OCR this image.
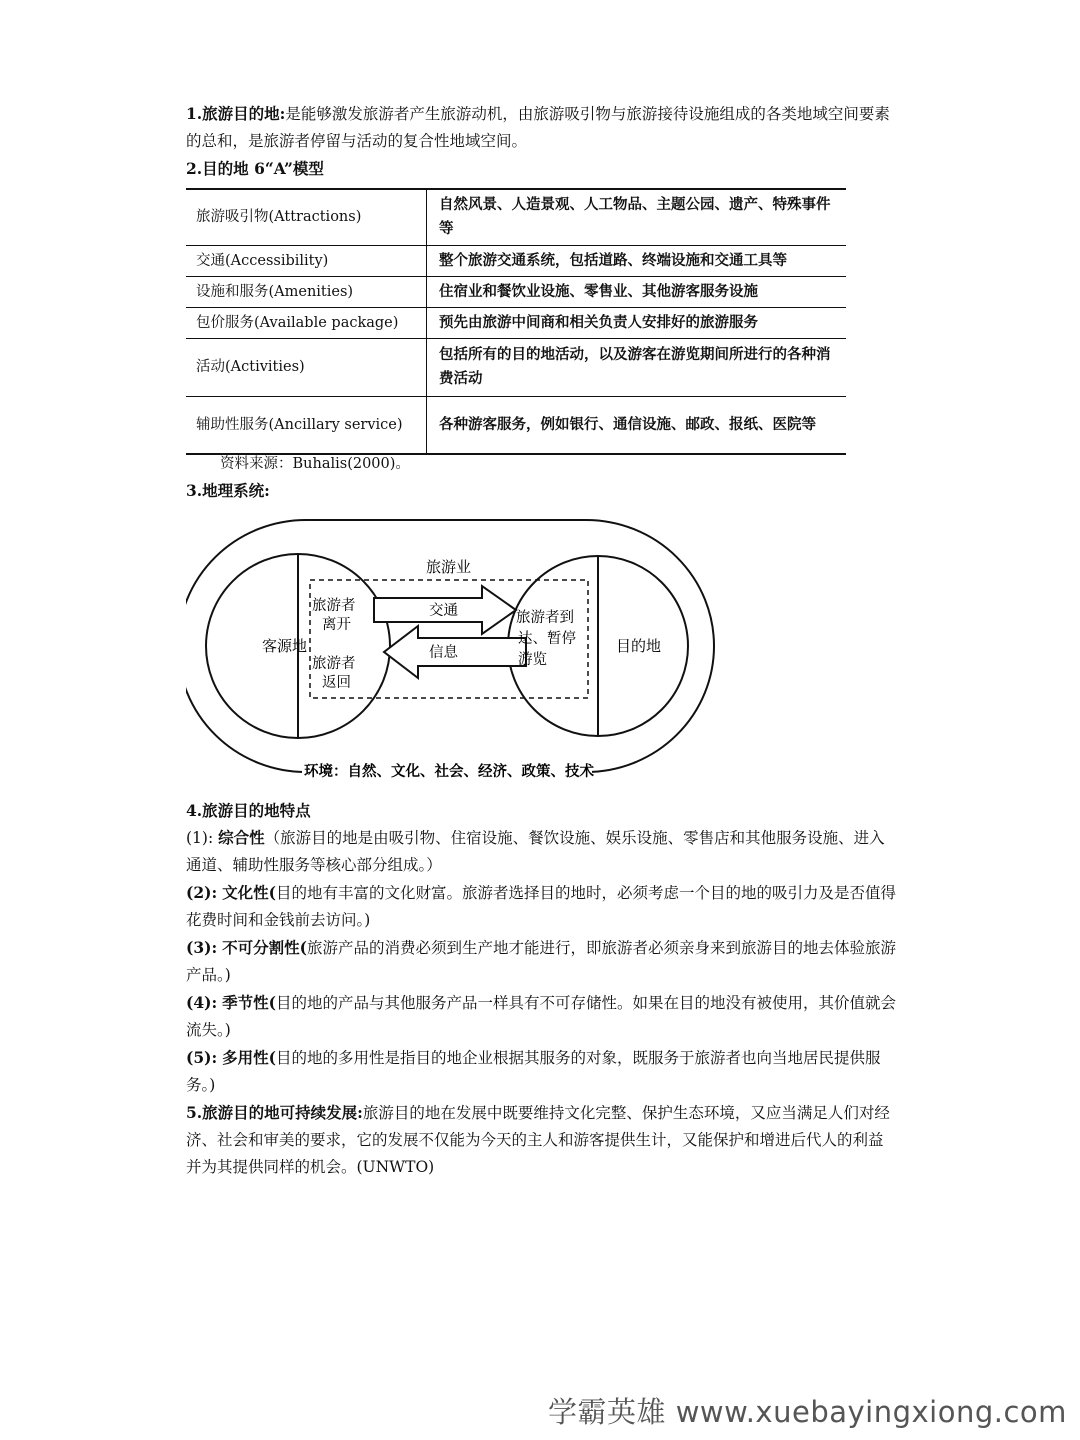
1.旅游目的地:是能够激发旅游者产生旅游动机，由旅游吸引物与旅游接待设施组成的各类地域空间要素的总和，是旅游者停留与活动的复合性地域空间。

2.目的地 6“A”模型

旅游吸引物(Attractions)	自然风景、人造景观、人工物品、主题公园、遗产、特殊事件等
交通(Accessibility)	整个旅游交通系统，包括道路、终端设施和交通工具等
设施和服务(Amenities)	住宿业和餐饮业设施、零售业、其他游客服务设施
包价服务(Available package)	预先由旅游中间商和相关负责人安排好的旅游服务
活动(Activities)	包括所有的目的地活动，以及游客在游览期间所进行的各种消费活动
辅助性服务(Ancillary service)	各种游客服务，例如银行、通信设施、邮政、报纸、医院等
资料来源：Buhalis(2000)。

3.地理系统:

客源地	目的地
旅游业
旅游者
离开
旅游者
返回
旅游者到
达、暂停
游览
交通
信息
环境：自然、文化、社会、经济、政策、技术

4.旅游目的地特点

(1): 综合性（旅游目的地是由吸引物、住宿设施、餐饮设施、娱乐设施、零售店和其他服务设施、进入通道、辅助性服务等核心部分组成。）

(2): 文化性(目的地有丰富的文化财富。旅游者选择目的地时，必须考虑一个目的地的吸引力及是否值得花费时间和金钱前去访问。)

(3): 不可分割性(旅游产品的消费必须到生产地才能进行，即旅游者必须亲身来到旅游目的地去体验旅游产品。)

(4): 季节性(目的地的产品与其他服务产品一样具有不可存储性。如果在目的地没有被使用，其价值就会流失。)

(5): 多用性(目的地的多用性是指目的地企业根据其服务的对象，既服务于旅游者也向当地居民提供服务。)

5.旅游目的地可持续发展:旅游目的地在发展中既要维持文化完整、保护生态环境，又应当满足人们对经济、社会和审美的要求，它的发展不仅能为今天的主人和游客提供生计，又能保护和增进后代人的利益并为其提供同样的机会。(UNWTO)

学霸英雄 www.xuebayingxiong.com
